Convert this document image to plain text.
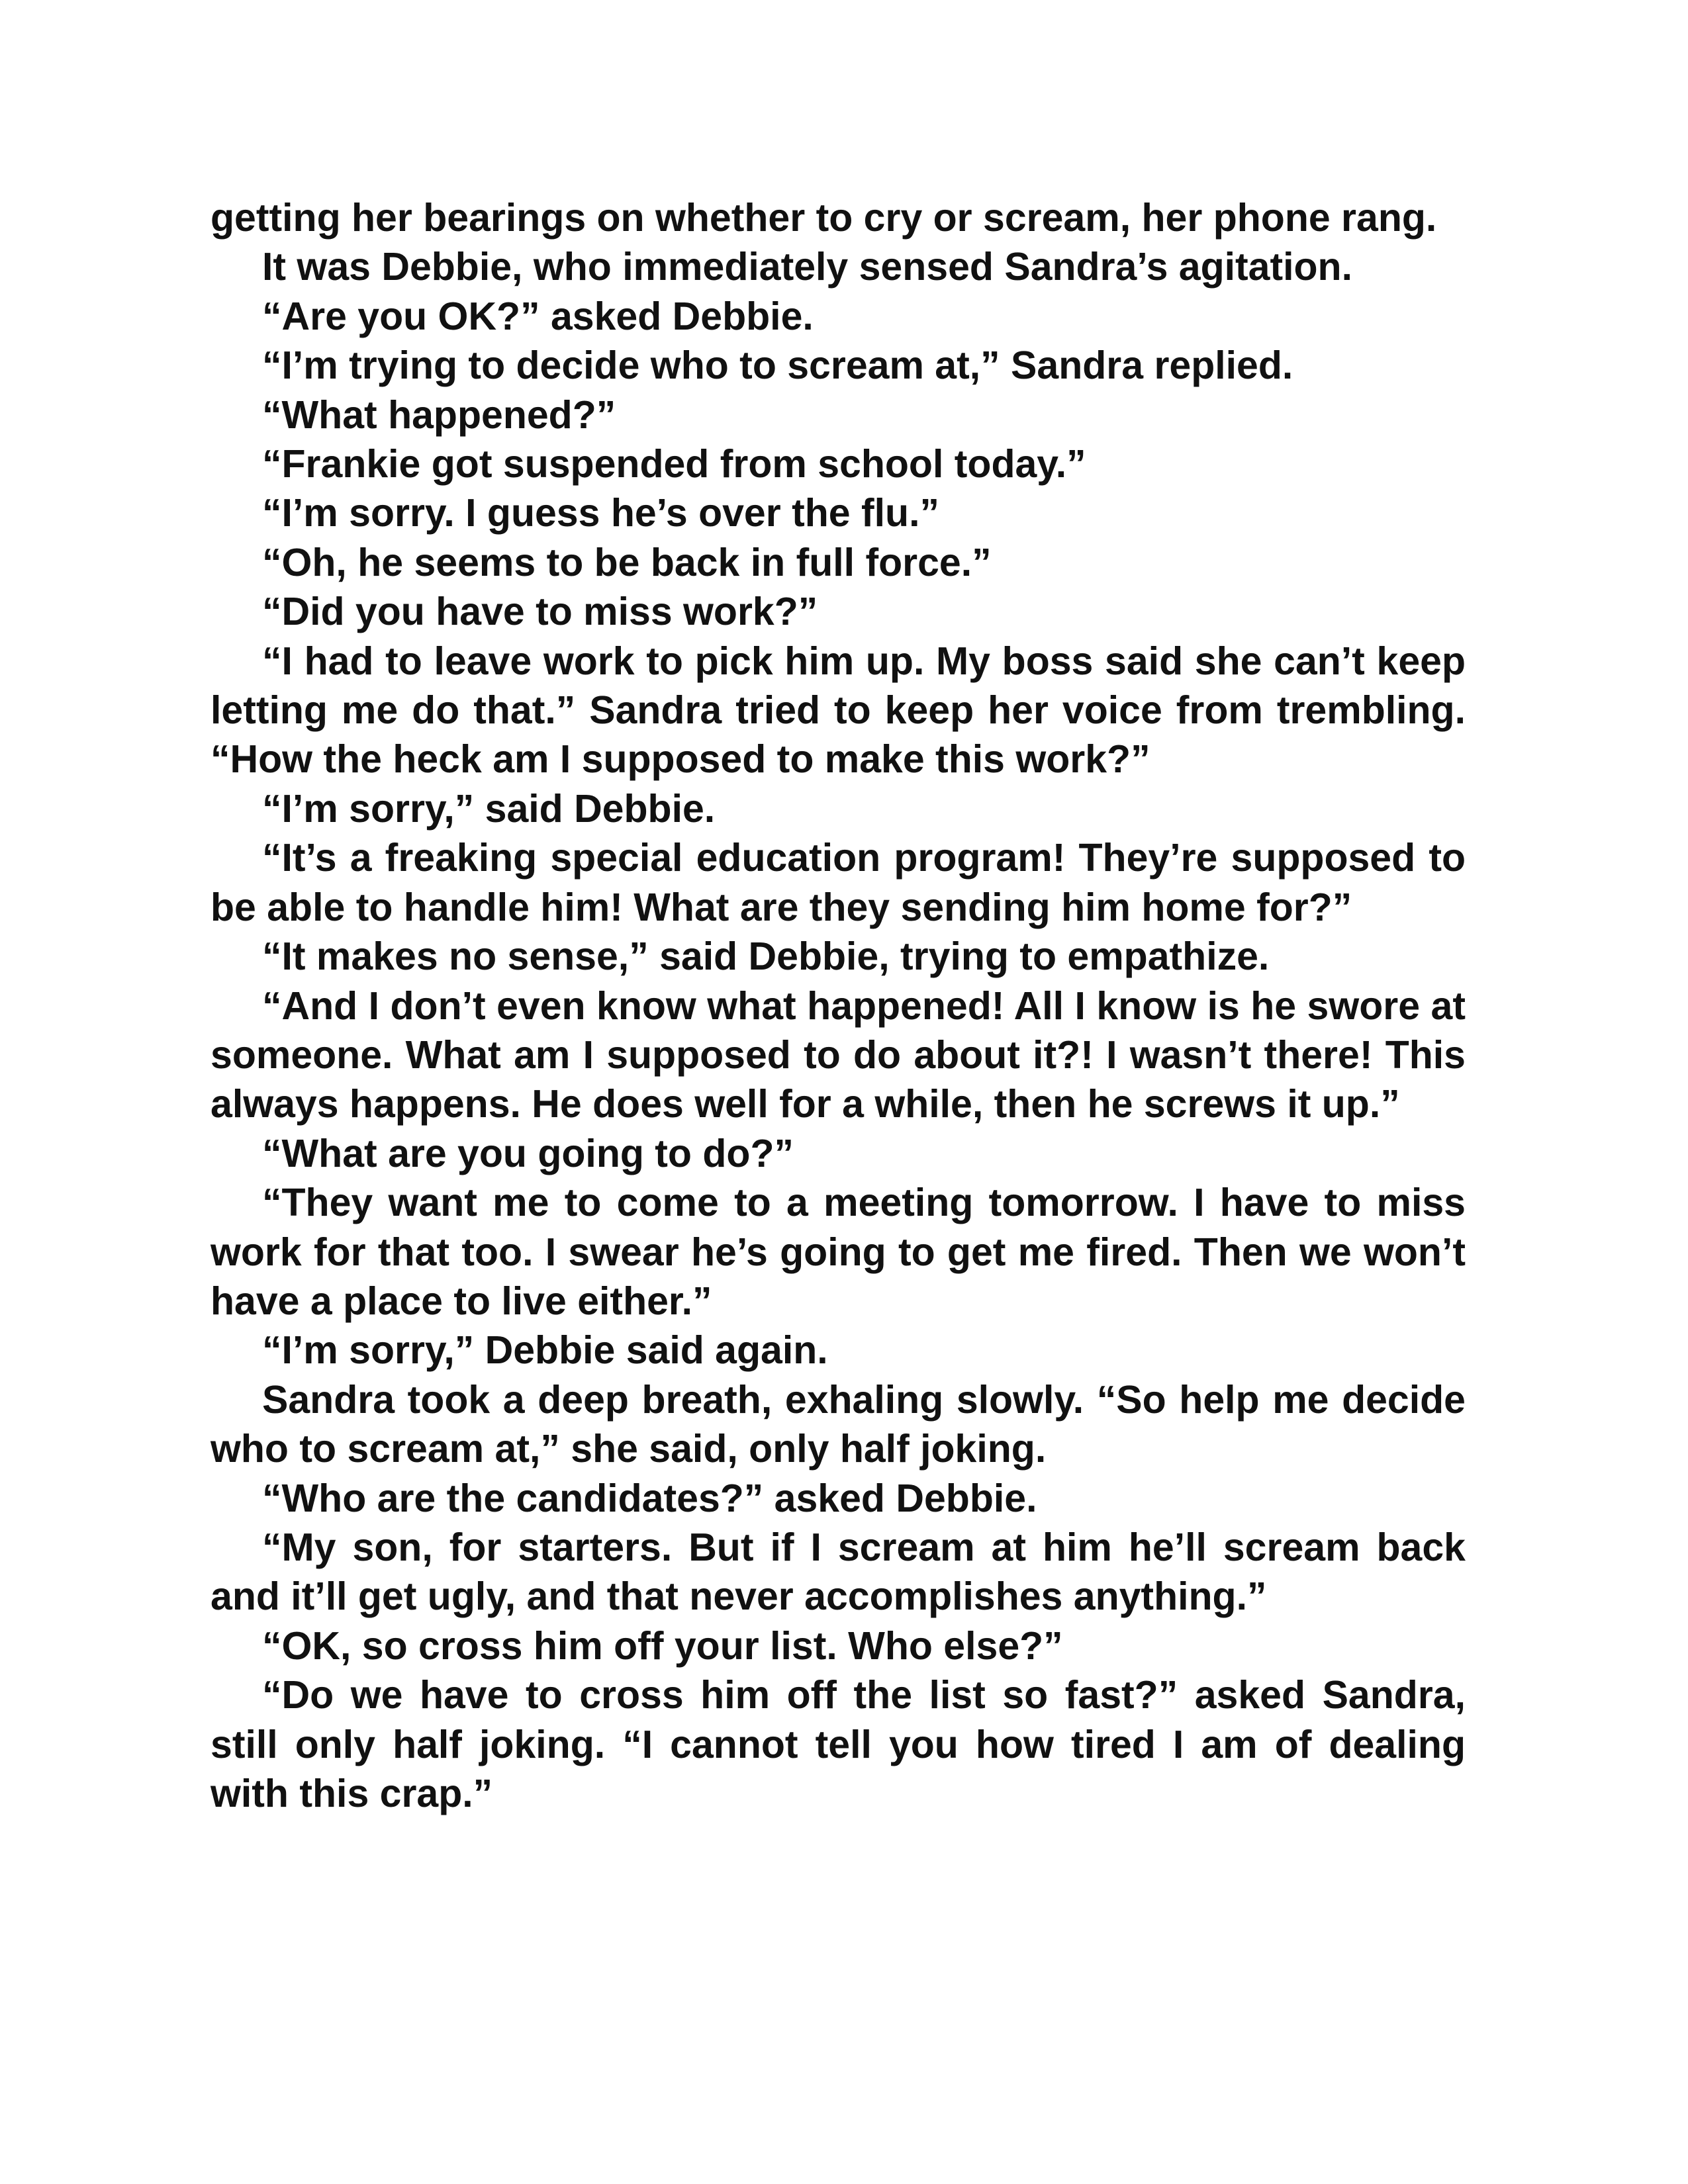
getting her bearings on whether to cry or scream, her phone rang.

It was Debbie, who immediately sensed Sandra’s agitation.

“Are you OK?” asked Debbie.

“I’m trying to decide who to scream at,” Sandra replied.

“What happened?”

“Frankie got suspended from school today.”

“I’m sorry. I guess he’s over the flu.”

“Oh, he seems to be back in full force.”

“Did you have to miss work?”

“I had to leave work to pick him up. My boss said she can’t keep letting me do that.” Sandra tried to keep her voice from trembling. “How the heck am I supposed to make this work?”

“I’m sorry,” said Debbie.

“It’s a freaking special education program! They’re supposed to be able to handle him! What are they sending him home for?”

“It makes no sense,” said Debbie, trying to empathize.

“And I don’t even know what happened! All I know is he swore at someone. What am I supposed to do about it?! I wasn’t there! This always happens. He does well for a while, then he screws it up.”

“What are you going to do?”

“They want me to come to a meeting tomorrow. I have to miss work for that too. I swear he’s going to get me fired. Then we won’t have a place to live either.”

“I’m sorry,” Debbie said again.

Sandra took a deep breath, exhaling slowly. “So help me decide who to scream at,” she said, only half joking.

“Who are the candidates?” asked Debbie.

“My son, for starters. But if I scream at him he’ll scream back and it’ll get ugly, and that never accomplishes anything.”

“OK, so cross him off your list. Who else?”

“Do we have to cross him off the list so fast?” asked Sandra, still only half joking. “I cannot tell you how tired I am of dealing with this crap.”
